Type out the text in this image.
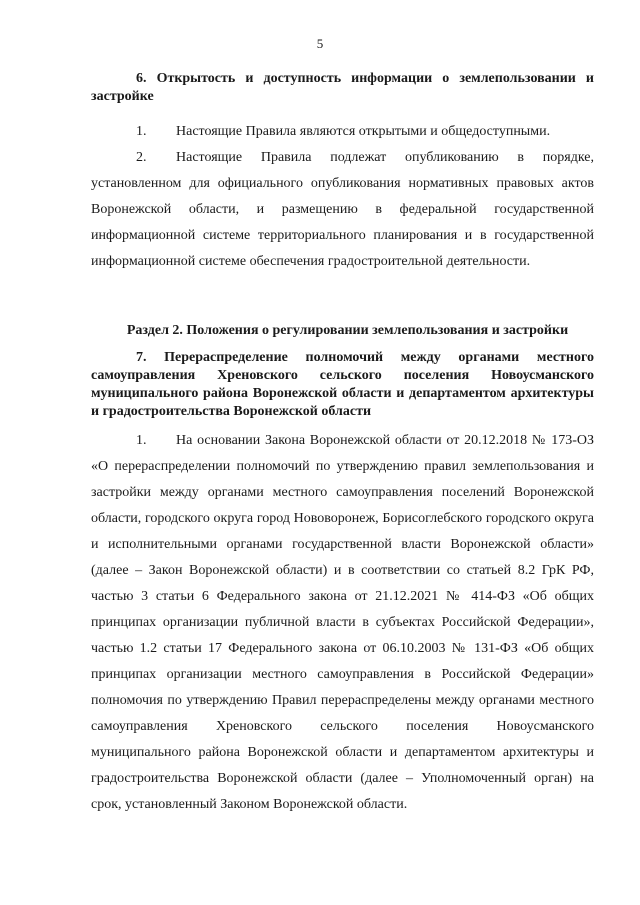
5

6. Открытость и доступность информации о землепользовании и застройке

1. Настоящие Правила являются открытыми и общедоступными.

2. Настоящие Правила подлежат опубликованию в порядке, установленном для официального опубликования нормативных правовых актов Воронежской области, и размещению в федеральной государственной информационной системе территориального планирования и в государственной информационной системе обеспечения градостроительной деятельности.

Раздел 2. Положения о регулировании землепользования и застройки

7. Перераспределение полномочий между органами местного самоуправления Хреновского сельского поселения Новоусманского муниципального района Воронежской области и департаментом архитектуры и градостроительства Воронежской области

1. На основании Закона Воронежской области от 20.12.2018 № 173-ОЗ «О перераспределении полномочий по утверждению правил землепользования и застройки между органами местного самоуправления поселений Воронежской области, городского округа город Нововоронеж, Борисоглебского городского округа и исполнительными органами государственной власти Воронежской области» (далее – Закон Воронежской области) и в соответствии со статьей 8.2 ГрК РФ, частью 3 статьи 6 Федерального закона от 21.12.2021 № 414-ФЗ «Об общих принципах организации публичной власти в субъектах Российской Федерации», частью 1.2 статьи 17 Федерального закона от 06.10.2003 № 131-ФЗ «Об общих принципах организации местного самоуправления в Российской Федерации» полномочия по утверждению Правил перераспределены между органами местного самоуправления Хреновского сельского поселения Новоусманского муниципального района Воронежской области и департаментом архитектуры и градостроительства Воронежской области (далее – Уполномоченный орган) на срок, установленный Законом Воронежской области.
